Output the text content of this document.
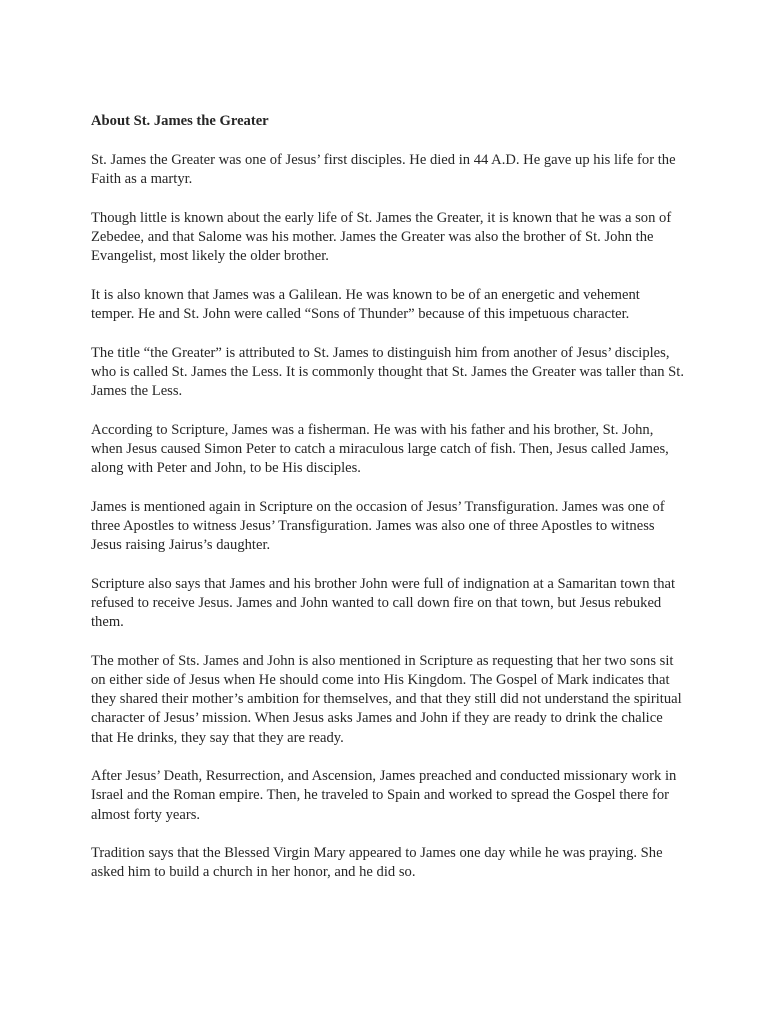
About St. James the Greater
St. James the Greater was one of Jesus’ first disciples. He died in 44 A.D. He gave up his life for the Faith as a martyr.
Though little is known about the early life of St. James the Greater, it is known that he was a son of Zebedee, and that Salome was his mother. James the Greater was also the brother of St. John the Evangelist, most likely the older brother.
It is also known that James was a Galilean. He was known to be of an energetic and vehement temper. He and St. John were called “Sons of Thunder” because of this impetuous character.
The title “the Greater” is attributed to St. James to distinguish him from another of Jesus’ disciples, who is called St. James the Less. It is commonly thought that St. James the Greater was taller than St. James the Less.
According to Scripture, James was a fisherman. He was with his father and his brother, St. John, when Jesus caused Simon Peter to catch a miraculous large catch of fish. Then, Jesus called James, along with Peter and John, to be His disciples.
James is mentioned again in Scripture on the occasion of Jesus’ Transfiguration. James was one of three Apostles to witness Jesus’ Transfiguration. James was also one of three Apostles to witness Jesus raising Jairus’s daughter.
Scripture also says that James and his brother John were full of indignation at a Samaritan town that refused to receive Jesus. James and John wanted to call down fire on that town, but Jesus rebuked them.
The mother of Sts. James and John is also mentioned in Scripture as requesting that her two sons sit on either side of Jesus when He should come into His Kingdom. The Gospel of Mark indicates that they shared their mother’s ambition for themselves, and that they still did not understand the spiritual character of Jesus’ mission. When Jesus asks James and John if they are ready to drink the chalice that He drinks, they say that they are ready.
After Jesus’ Death, Resurrection, and Ascension, James preached and conducted missionary work in Israel and the Roman empire. Then, he traveled to Spain and worked to spread the Gospel there for almost forty years.
Tradition says that the Blessed Virgin Mary appeared to James one day while he was praying. She asked him to build a church in her honor, and he did so.
